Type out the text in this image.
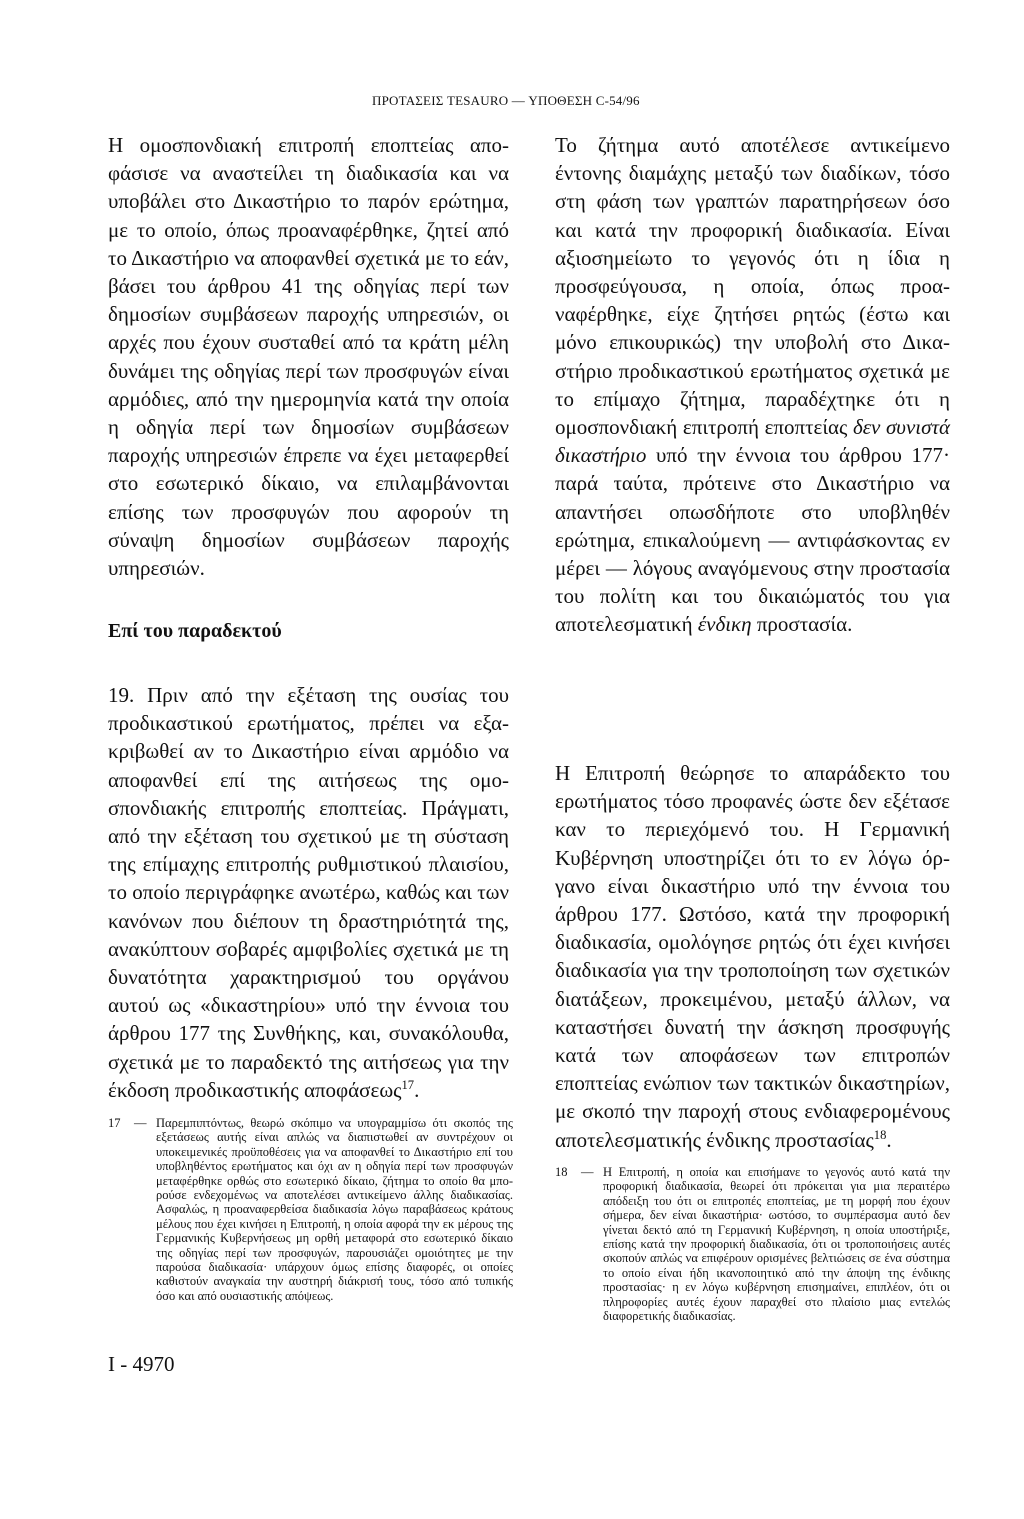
ΠΡΟΤΑΣΕΙΣ TESAURO — ΥΠΟΘΕΣΗ C-54/96
Η ομοσπονδιακή επιτροπή εποπτείας αποφάσισε να αναστείλει τη διαδικασία και να υποβάλει στο Δικαστήριο το παρόν ερώτημα, με το οποίο, όπως προαναφέρθηκε, ζητεί από το Δικαστήριο να αποφανθεί σχετικά με το εάν, βάσει του άρθρου 41 της οδηγίας περί των δημοσίων συμβάσεων παροχής υπηρεσιών, οι αρχές που έχουν συσταθεί από τα κράτη μέλη δυνάμει της οδηγίας περί των προσφυγών είναι αρμόδιες, από την ημερομηνία κατά την οποία η οδηγία περί των δημοσίων συμβάσεων παροχής υπηρεσιών έπρεπε να έχει μεταφερθεί στο εσωτερικό δίκαιο, να επιλαμβάνονται επίσης των προσφυγών που αφορούν τη σύναψη δημοσίων συμβάσεων παροχής υπηρεσιών.
Επί του παραδεκτού
19. Πριν από την εξέταση της ουσίας του προδικαστικού ερωτήματος, πρέπει να εξακριβωθεί αν το Δικαστήριο είναι αρμόδιο να αποφανθεί επί της αιτήσεως της ομοσπονδιακής επιτροπής εποπτείας. Πράγματι, από την εξέταση του σχετικού με τη σύσταση της επίμαχης επιτροπής ρυθμιστικού πλαισίου, το οποίο περιγράφηκε ανωτέρω, καθώς και των κανόνων που διέπουν τη δραστηριότητά της, ανακύπτουν σοβαρές αμφιβολίες σχετικά με τη δυνατότητα χαρακτηρισμού του οργάνου αυτού ως «δικαστηρίου» υπό την έννοια του άρθρου 177 της Συνθήκης, και, συνακόλουθα, σχετικά με το παραδεκτό της αιτήσεως για την έκδοση προδικαστικής αποφάσεως$^{17}$.
Το ζήτημα αυτό αποτέλεσε αντικείμενο έντονης διαμάχης μεταξύ των διαδίκων, τόσο στη φάση των γραπτών παρατηρήσεων όσο και κατά την προφορική διαδικασία. Είναι αξιοσημείωτο το γεγονός ότι η ίδια η προσφεύγουσα, η οποία, όπως προαναφέρθηκε, είχε ζητήσει ρητώς (έστω και μόνο επικουρικώς) την υποβολή στο Δικαστήριο προδικαστικού ερωτήματος σχετικά με το επίμαχο ζήτημα, παραδέχτηκε ότι η ομοσπονδιακή επιτροπή εποπτείας δεν συνιστά δικαστήριο υπό την έννοια του άρθρου 177· παρά ταύτα, πρότεινε στο Δικαστήριο να απαντήσει οπωσδήποτε στο υποβληθέν ερώτημα, επικαλούμενη — αντιφάσκοντας εν μέρει — λόγους αναγόμενους στην προστασία του πολίτη και του δικαιώματός του για αποτελεσματική ένδικη προστασία.
Η Επιτροπή θεώρησε το απαράδεκτο του ερωτήματος τόσο προφανές ώστε δεν εξέτασε καν το περιεχόμενό του. Η Γερμανική Κυβέρνηση υποστηρίζει ότι το εν λόγω όργανο είναι δικαστήριο υπό την έννοια του άρθρου 177. Ωστόσο, κατά την προφορική διαδικασία, ομολόγησε ρητώς ότι έχει κινήσει διαδικασία για την τροποποίηση των σχετικών διατάξεων, προκειμένου, μεταξύ άλλων, να καταστήσει δυνατή την άσκηση προσφυγής κατά των αποφάσεων των επιτροπών εποπτείας ενώπιον των τακτικών δικαστηρίων, με σκοπό την παροχή στους ενδιαφερομένους αποτελεσματικής ένδικης προστασίας$^{18}$.
17	— Παρεμπιπτόντως, θεωρώ σκόπιμο να υπογραμμίσω ότι σκοπός της εξετάσεως αυτής είναι απλώς να διαπιστωθεί αν συντρέχουν οι υποκειμενικές προϋποθέσεις για να αποφανθεί το Δικαστήριο επί του υποβληθέντος ερωτήματος και όχι αν η οδηγία περί των προσφυγών μεταφέρθηκε ορθώς στο εσωτερικό δίκαιο, ζήτημα το οποίο θα μπορούσε ενδεχομένως να αποτελέσει αντικείμενο άλλης διαδικασίας. Ασφαλώς, η προαναφερθείσα διαδικασία λόγω παραβάσεως κράτους μέλους που έχει κινήσει η Επιτροπή, η οποία αφορά την εκ μέρους της Γερμανικής Κυβερνήσεως μη ορθή μεταφορά στο εσωτερικό δίκαιο της οδηγίας περί των προσφυγών, παρουσιάζει ομοιότητες με την παρούσα διαδικασία· υπάρχουν όμως επίσης διαφορές, οι οποίες καθιστούν αναγκαία την αυστηρή διάκρισή τους, τόσο από τυπικής όσο και από ουσιαστικής απόψεως.
18	— Η Επιτροπή, η οποία και επισήμανε το γεγονός αυτό κατά την προφορική διαδικασία, θεωρεί ότι πρόκειται για μια περαιτέρω απόδειξη του ότι οι επιτροπές εποπτείας, με τη μορφή που έχουν σήμερα, δεν είναι δικαστήρια· ωστόσο, το συμπέρασμα αυτό δεν γίνεται δεκτό από τη Γερμανική Κυβέρνηση, η οποία υποστήριξε, επίσης κατά την προφορική διαδικασία, ότι οι τροποποιήσεις αυτές σκοπούν απλώς να επιφέρουν ορισμένες βελτιώσεις σε ένα σύστημα το οποίο είναι ήδη ικανοποιητικό από την άποψη της ένδικης προστασίας· η εν λόγω κυβέρνηση επισημαίνει, επιπλέον, ότι οι πληροφορίες αυτές έχουν παραχθεί στο πλαίσιο μιας εντελώς διαφορετικής διαδικασίας.
I - 4970
